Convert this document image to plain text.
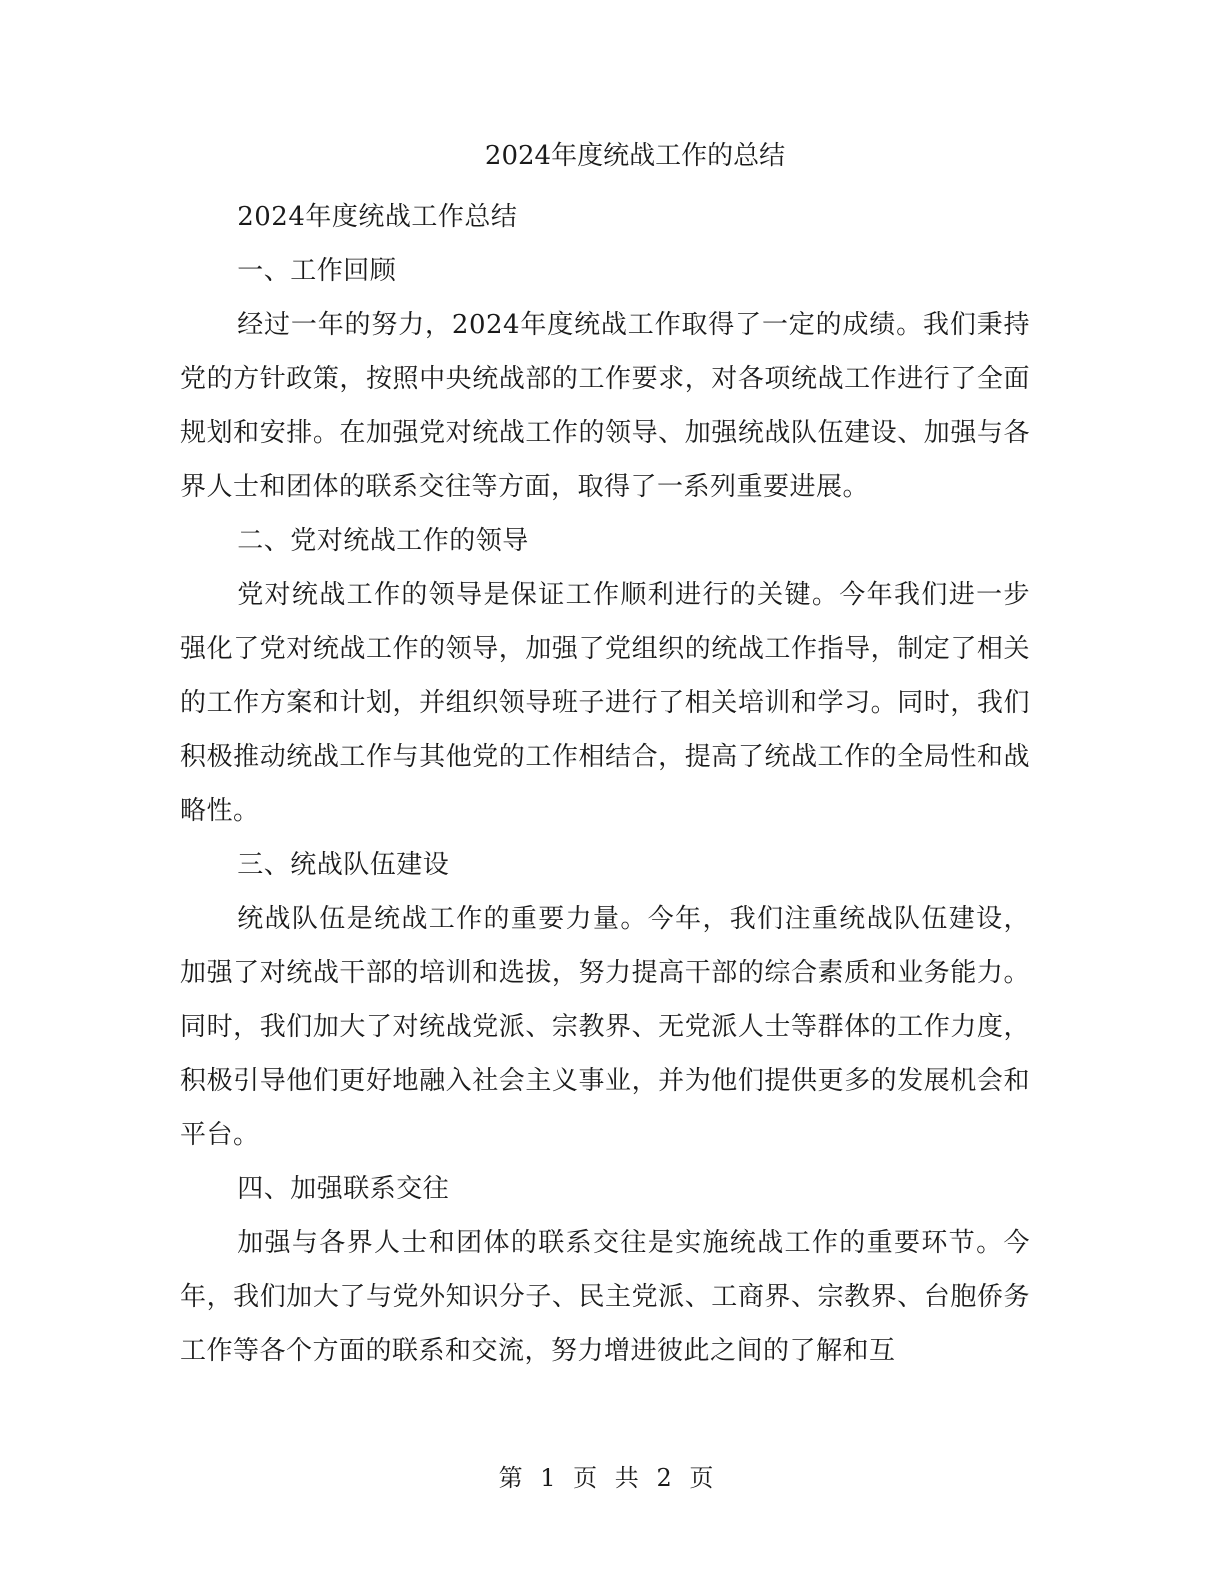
2024年度统战工作的总结

2024年度统战工作总结

一、工作回顾

经过一年的努力，2024年度统战工作取得了一定的成绩。我们秉持党的方针政策，按照中央统战部的工作要求，对各项统战工作进行了全面规划和安排。在加强党对统战工作的领导、加强统战队伍建设、加强与各界人士和团体的联系交往等方面，取得了一系列重要进展。

二、党对统战工作的领导

党对统战工作的领导是保证工作顺利进行的关键。今年我们进一步强化了党对统战工作的领导，加强了党组织的统战工作指导，制定了相关的工作方案和计划，并组织领导班子进行了相关培训和学习。同时，我们积极推动统战工作与其他党的工作相结合，提高了统战工作的全局性和战略性。

三、统战队伍建设

统战队伍是统战工作的重要力量。今年，我们注重统战队伍建设，加强了对统战干部的培训和选拔，努力提高干部的综合素质和业务能力。同时，我们加大了对统战党派、宗教界、无党派人士等群体的工作力度，积极引导他们更好地融入社会主义事业，并为他们提供更多的发展机会和平台。

四、加强联系交往

加强与各界人士和团体的联系交往是实施统战工作的重要环节。今年，我们加大了与党外知识分子、民主党派、工商界、宗教界、台胞侨务工作等各个方面的联系和交流，努力增进彼此之间的了解和互

第 1 页 共 2 页
